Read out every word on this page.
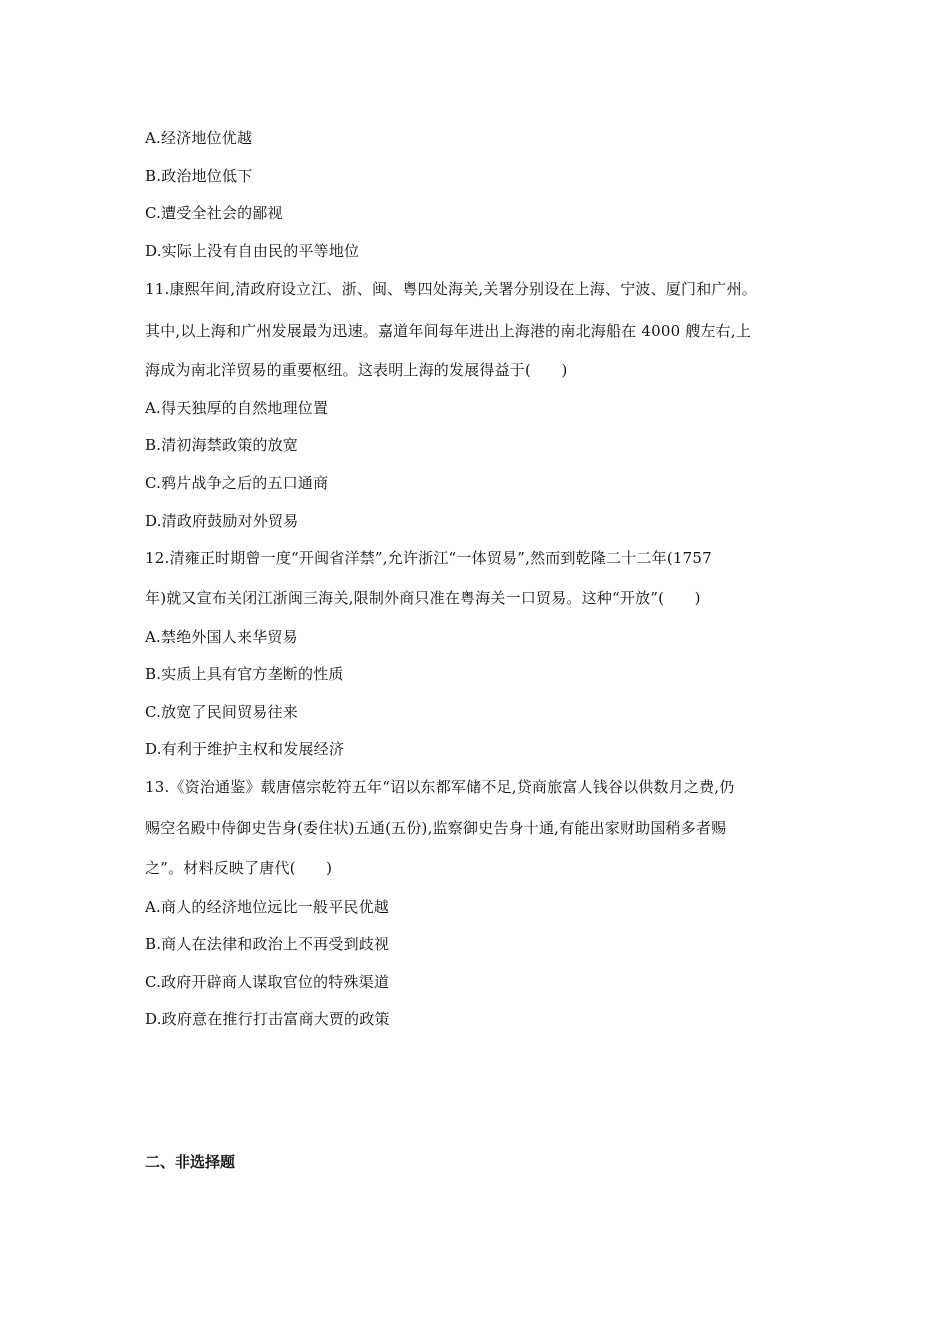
A.经济地位优越
B.政治地位低下
C.遭受全社会的鄙视
D.实际上没有自由民的平等地位
11.康熙年间,清政府设立江、浙、闽、粤四处海关,关署分别设在上海、宁波、厦门和广州。
其中,以上海和广州发展最为迅速。嘉道年间每年进出上海港的南北海船在 4000 艘左右,上
海成为南北洋贸易的重要枢纽。这表明上海的发展得益于(　　)
A.得天独厚的自然地理位置
B.清初海禁政策的放宽
C.鸦片战争之后的五口通商
D.清政府鼓励对外贸易
12.清雍正时期曾一度“开闽省洋禁”,允许浙江“一体贸易”,然而到乾隆二十二年(1757
年)就又宣布关闭江浙闽三海关,限制外商只准在粤海关一口贸易。这种“开放”(　　)
A.禁绝外国人来华贸易
B.实质上具有官方垄断的性质
C.放宽了民间贸易往来
D.有利于维护主权和发展经济
13.《资治通鉴》载唐僖宗乾符五年“诏以东都军储不足,贷商旅富人钱谷以供数月之费,仍
赐空名殿中侍御史告身(委住状)五通(五份),监察御史告身十通,有能出家财助国稍多者赐
之”。材料反映了唐代(　　)
A.商人的经济地位远比一般平民优越
B.商人在法律和政治上不再受到歧视
C.政府开辟商人谋取官位的特殊渠道
D.政府意在推行打击富商大贾的政策
二、非选择题
